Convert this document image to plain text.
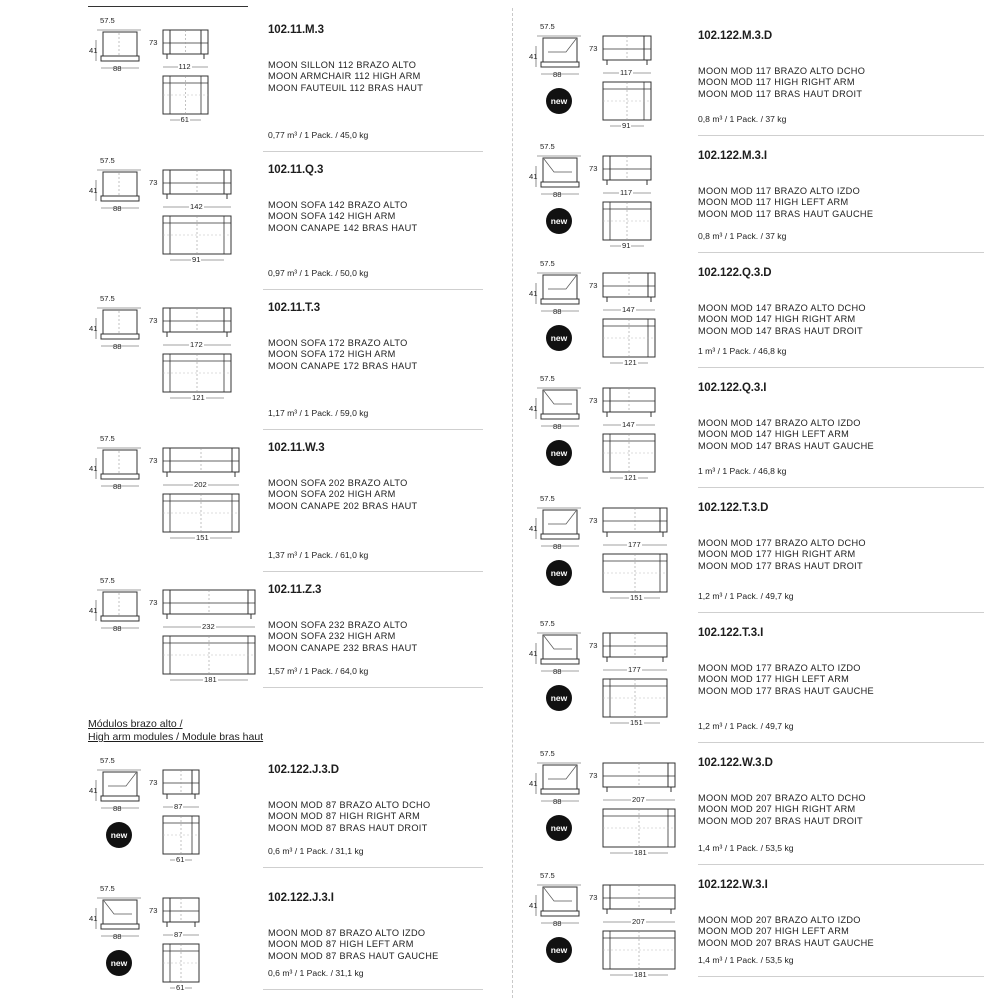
Módulos brazo alto /
High arm modules / Module bras haut
57.5
41
88
73
112
61
102.11.M.3
MOON SILLON 112 BRAZO ALTO
MOON ARMCHAIR 112 HIGH ARM
MOON FAUTEUIL 112 BRAS HAUT
0,77 m³ / 1 Pack. / 45,0 kg
57.5
41
88
73
142
91
102.11.Q.3
MOON SOFA 142 BRAZO ALTO
MOON SOFA 142 HIGH ARM
MOON CANAPE 142 BRAS HAUT
0,97 m³ / 1 Pack. / 50,0 kg
57.5
41
88
73
172
121
102.11.T.3
MOON SOFA 172 BRAZO ALTO
MOON SOFA 172 HIGH ARM
MOON CANAPE 172 BRAS HAUT
1,17 m³ / 1 Pack. / 59,0 kg
57.5
41
88
73
202
151
102.11.W.3
MOON SOFA 202 BRAZO ALTO
MOON SOFA 202 HIGH ARM
MOON CANAPE 202 BRAS HAUT
1,37 m³ / 1 Pack. / 61,0 kg
57.5
41
88
73
232
181
102.11.Z.3
MOON SOFA 232 BRAZO ALTO
MOON SOFA 232 HIGH ARM
MOON CANAPE 232 BRAS HAUT
1,57 m³ / 1 Pack. / 64,0 kg
57.5
41
88
73
87
61
new
102.122.J.3.D
MOON MOD 87 BRAZO ALTO DCHO
MOON MOD 87 HIGH RIGHT ARM
MOON MOD 87 BRAS HAUT DROIT
0,6 m³ / 1 Pack. / 31,1 kg
57.5
41
88
73
87
61
new
102.122.J.3.I
MOON MOD 87 BRAZO ALTO IZDO
MOON MOD 87 HIGH LEFT ARM
MOON MOD 87 BRAS HAUT GAUCHE
0,6 m³ / 1 Pack. / 31,1 kg
57.5
41
88
73
117
91
new
102.122.M.3.D
MOON MOD 117 BRAZO ALTO DCHO
MOON MOD 117 HIGH RIGHT ARM
MOON MOD 117 BRAS HAUT DROIT
0,8 m³ / 1 Pack. / 37 kg
57.5
41
88
73
117
91
new
102.122.M.3.I
MOON MOD 117 BRAZO ALTO IZDO
MOON MOD 117 HIGH LEFT ARM
MOON MOD 117 BRAS HAUT GAUCHE
0,8 m³ / 1 Pack. / 37 kg
57.5
41
88
73
147
121
new
102.122.Q.3.D
MOON MOD 147 BRAZO ALTO DCHO
MOON MOD 147 HIGH RIGHT ARM
MOON MOD 147 BRAS HAUT DROIT
1 m³ / 1 Pack. / 46,8 kg
57.5
41
88
73
147
121
new
102.122.Q.3.I
MOON MOD 147 BRAZO ALTO IZDO
MOON MOD 147 HIGH LEFT ARM
MOON MOD 147 BRAS HAUT GAUCHE
1 m³ / 1 Pack. / 46,8 kg
57.5
41
88
73
177
151
new
102.122.T.3.D
MOON MOD 177 BRAZO ALTO DCHO
MOON MOD 177 HIGH RIGHT ARM
MOON MOD 177 BRAS HAUT DROIT
1,2 m³ / 1 Pack. / 49,7 kg
57.5
41
88
73
177
151
new
102.122.T.3.I
MOON MOD 177 BRAZO ALTO IZDO
MOON MOD 177 HIGH LEFT ARM
MOON MOD 177 BRAS HAUT GAUCHE
1,2 m³ / 1 Pack. / 49,7 kg
57.5
41
88
73
207
181
new
102.122.W.3.D
MOON MOD 207 BRAZO ALTO DCHO
MOON MOD 207 HIGH RIGHT ARM
MOON MOD 207 BRAS HAUT DROIT
1,4 m³ / 1 Pack. / 53,5 kg
57.5
41
88
73
207
181
new
102.122.W.3.I
MOON MOD 207 BRAZO ALTO IZDO
MOON MOD 207 HIGH LEFT ARM
MOON MOD 207 BRAS HAUT GAUCHE
1,4 m³ / 1 Pack. / 53,5 kg
